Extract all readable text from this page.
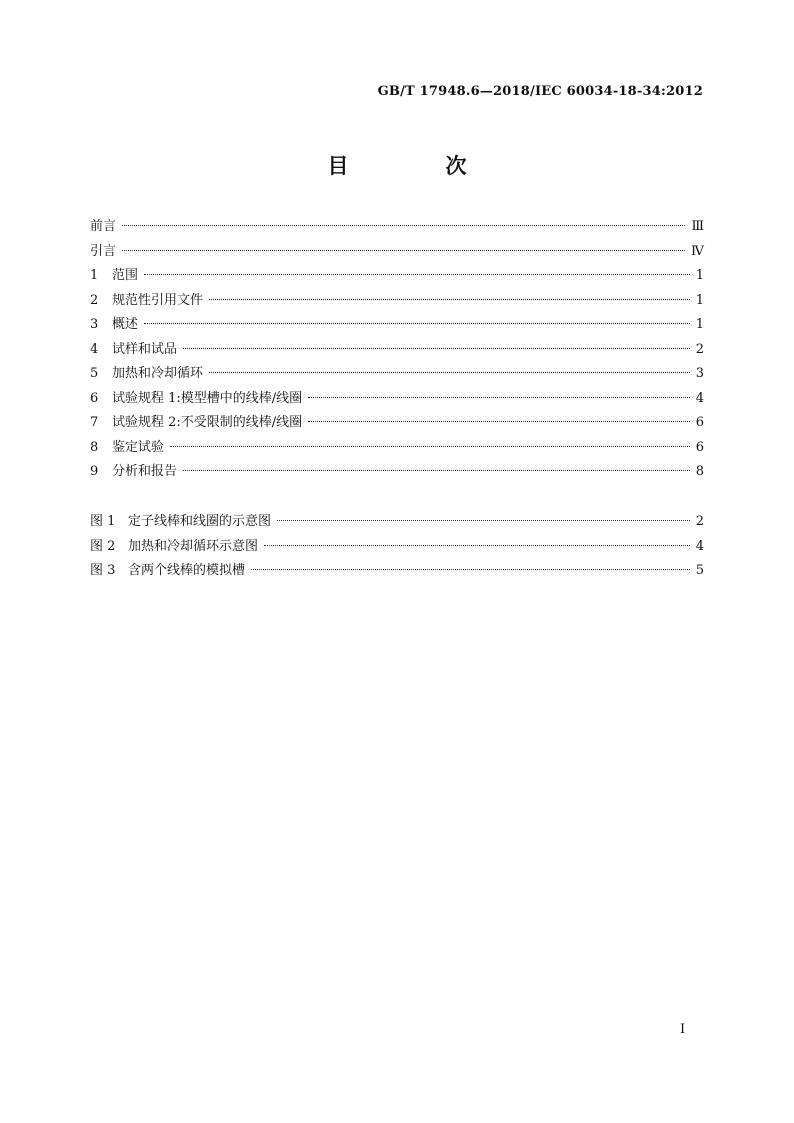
GB/T 17948.6—2018/IEC 60034-18-34:2012
目　次
前言	Ⅲ
引言	Ⅳ
1	范围	1
2	规范性引用文件	1
3	概述	1
4	试样和试品	2
5	加热和冷却循环	3
6	试验规程 1:模型槽中的线棒/线圈	4
7	试验规程 2:不受限制的线棒/线圈	6
8	鉴定试验	6
9	分析和报告	8
图 1 定子线棒和线圈的示意图	2
图 2 加热和冷却循环示意图	4
图 3 含两个线棒的模拟槽	5
I
